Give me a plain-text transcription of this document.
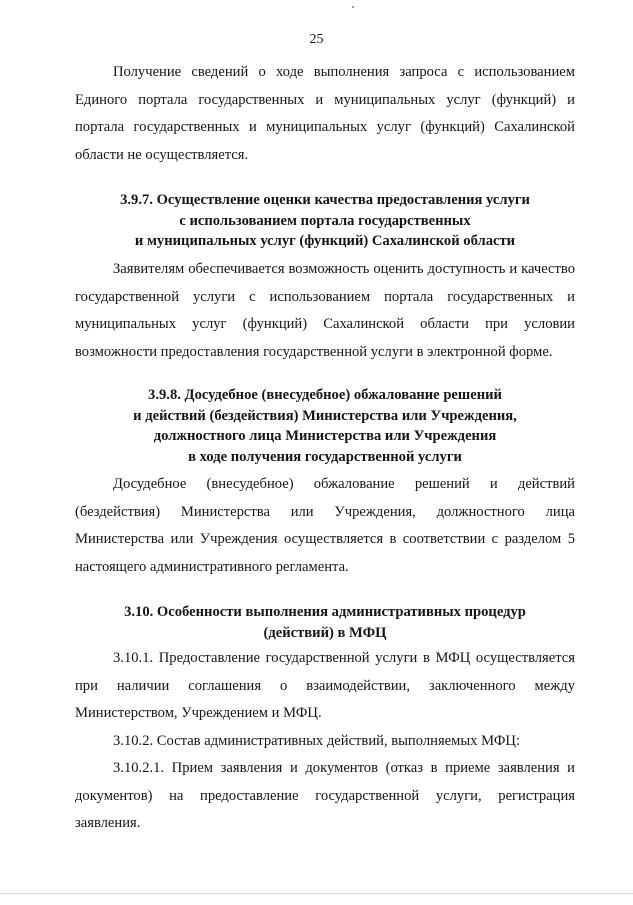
25

Получение сведений о ходе выполнения запроса с использованием Единого портала государственных и муниципальных услуг (функций) и портала государственных и муниципальных услуг (функций) Сахалинской области не осуществляется.

3.9.7. Осуществление оценки качества предоставления услуги
с использованием портала государственных
и муниципальных услуг (функций) Сахалинской области

Заявителям обеспечивается возможность оценить доступность и качество государственной услуги с использованием портала государственных и муниципальных услуг (функций) Сахалинской области при условии возможности предоставления государственной услуги в электронной форме.

3.9.8. Досудебное (внесудебное) обжалование решений
и действий (бездействия) Министерства или Учреждения,
должностного лица Министерства или Учреждения
в ходе получения государственной услуги

Досудебное (внесудебное) обжалование решений и действий (бездействия) Министерства или Учреждения, должностного лица Министерства или Учреждения осуществляется в соответствии с разделом 5 настоящего административного регламента.

3.10. Особенности выполнения административных процедур
(действий) в МФЦ

3.10.1. Предоставление государственной услуги в МФЦ осуществляется при наличии соглашения о взаимодействии, заключенного между Министерством, Учреждением и МФЦ.

3.10.2. Состав административных действий, выполняемых МФЦ:

3.10.2.1. Прием заявления и документов (отказ в приеме заявления и документов) на предоставление государственной услуги, регистрация заявления.
